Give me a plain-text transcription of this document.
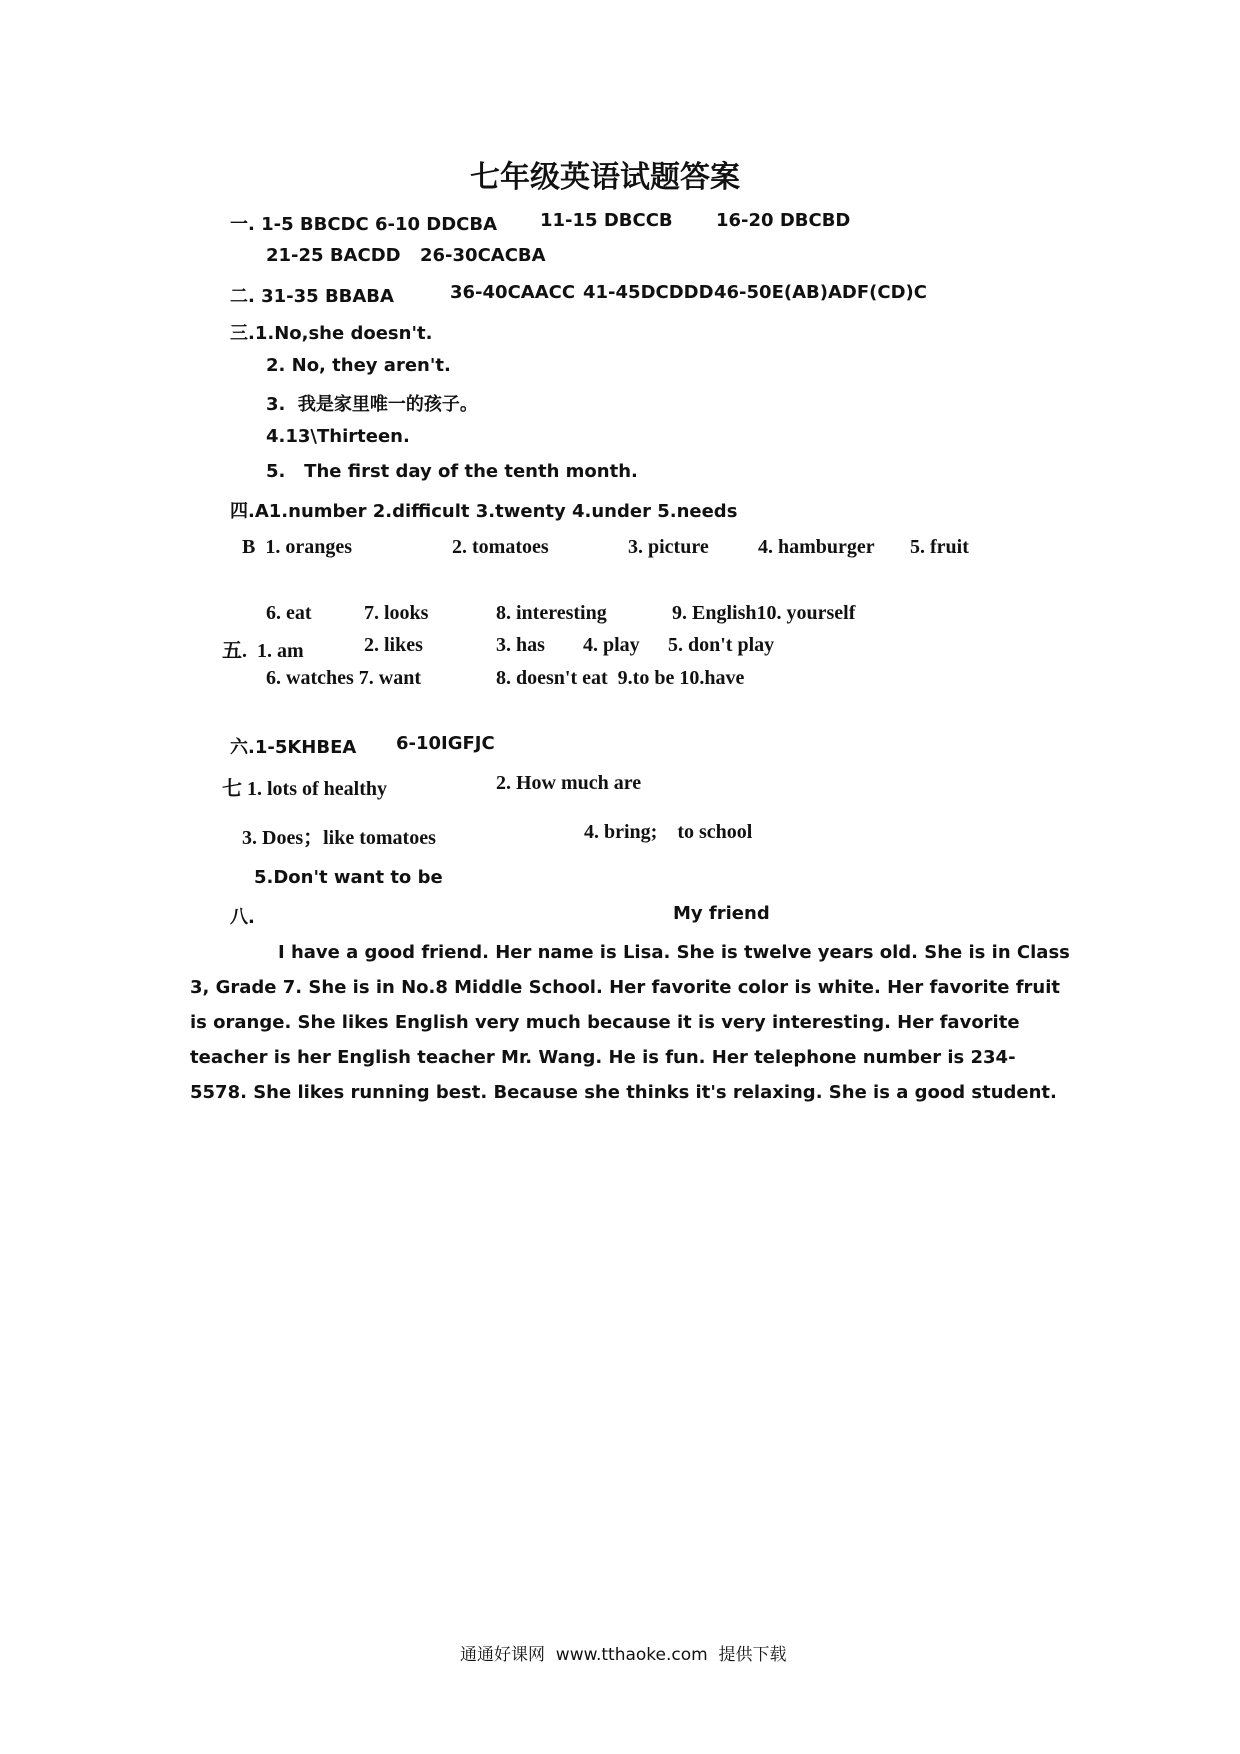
七年级英语试题答案
一. 1-5 BBCDC 6-10 DDCBA 11-15 DBCCB 16-20 DBCBD
21-25 BACDD 26-30CACBA
二. 31-35 BBABA	36-40CAACC 41-45DCDDD 46-50E(AB)ADF(CD)C
三.1.No,she doesn't.
2. No, they aren't.
3.  我是家里唯一的孩子。
4.13\Thirteen.
5.   The first day of the tenth month.
四.A1.number 2.difficult 3.twenty 4.under 5.needs
B  1. oranges	2. tomatoes	3. picture 4. hamburger 5. fruit
6. eat	7. looks	8. interesting	9. English10. yourself
五.  1. am	2. likes	3. has 4. play 5. don't play
6. watches 7. want	8. doesn't eat  9.to be 10.have
六.1-5KHBEA 6-10IGFJC
七 1. lots of healthy	2. How much are
3. Does；like tomatoes	4. bring;    to school
5.Don't want to be
八.	My friend

I have a good friend. Her name is Lisa. She is twelve years old. She is in Class 3, Grade 7. She is in No.8 Middle School. Her favorite color is white. Her favorite fruit is orange. She likes English very much because it is very interesting. Her favorite teacher is her English teacher Mr. Wang. He is fun. Her telephone number is 234-5578. She likes running best. Because she thinks it's relaxing. She is a good student.

通通好课网  www.tthaoke.com  提供下载
